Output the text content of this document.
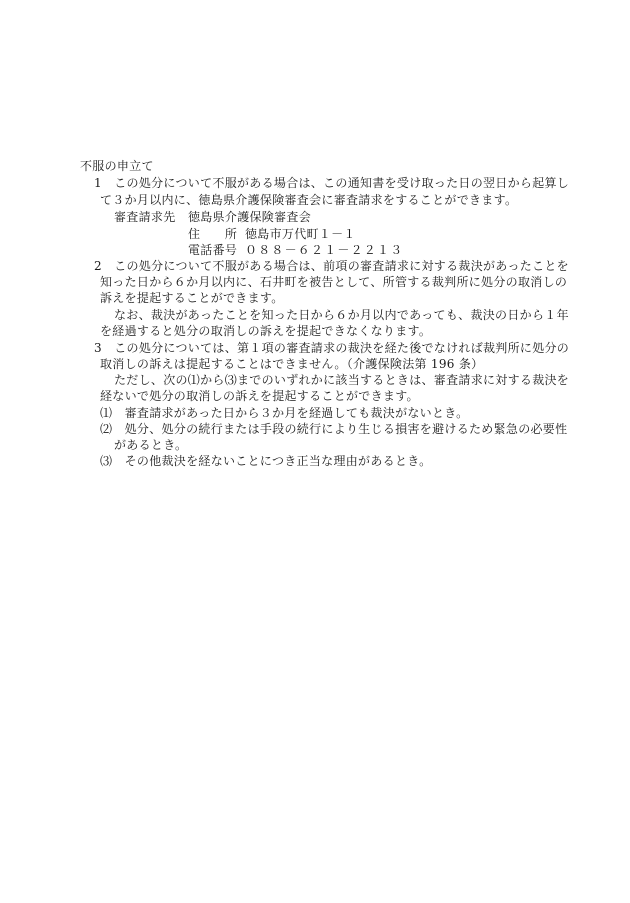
不服の申立て
1　この処分について不服がある場合は、この通知書を受け取った日の翌日から起算し
て３か月以内に、徳島県介護保険審査会に審査請求をすることができます。
審査請求先 徳島県介護保険審査会
住　　所 徳島市万代町１－１
電話番号 ０８８－６２１－２２１３
2　この処分について不服がある場合は、前項の審査請求に対する裁決があったことを
知った日から６か月以内に、石井町を被告として、所管する裁判所に処分の取消しの
訴えを提起することができます。
なお、裁決があったことを知った日から６か月以内であっても、裁決の日から１年
を経過すると処分の取消しの訴えを提起できなくなります。
3　この処分については、第１項の審査請求の裁決を経た後でなければ裁判所に処分の
取消しの訴えは提起することはできません。（介護保険法第 196 条）
ただし、次の⑴から⑶までのいずれかに該当するときは、審査請求に対する裁決を
経ないで処分の取消しの訴えを提起することができます。
⑴　審査請求があった日から３か月を経過しても裁決がないとき。
⑵　処分、処分の続行または手段の続行により生じる損害を避けるため緊急の必要性
があるとき。
⑶　その他裁決を経ないことにつき正当な理由があるとき。
